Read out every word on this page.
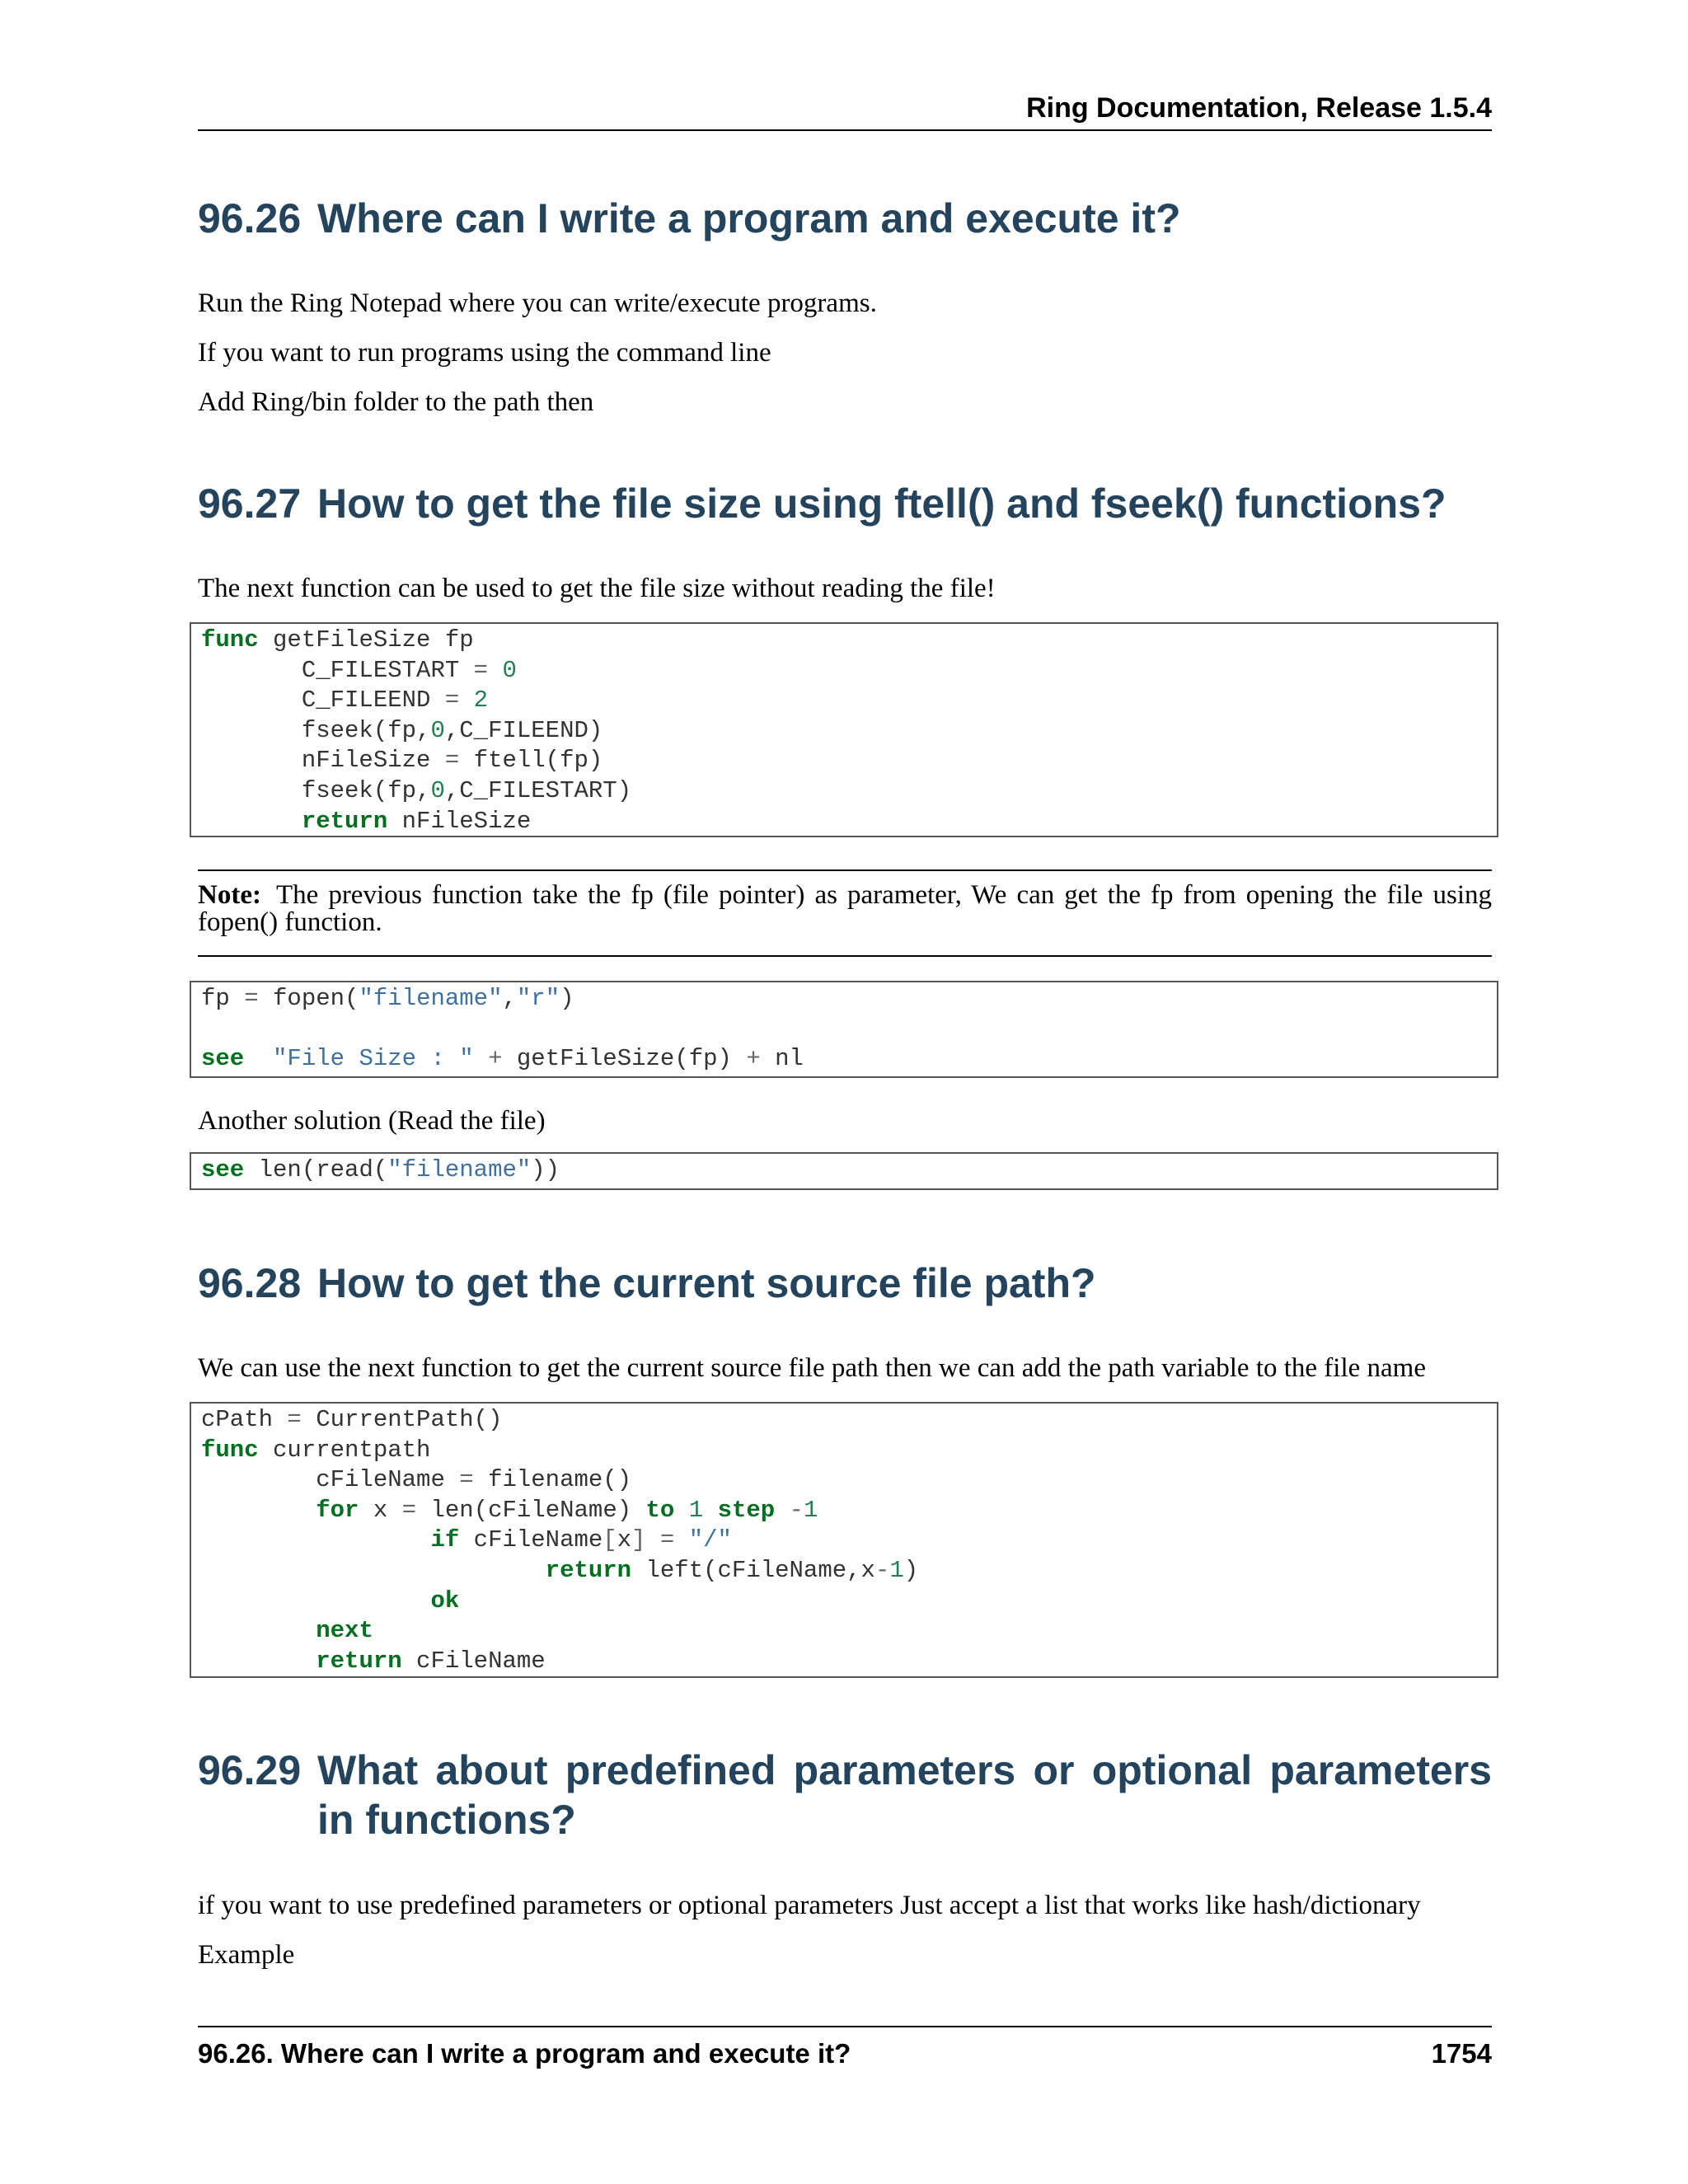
Ring Documentation, Release 1.5.4
96.26 Where can I write a program and execute it?

Run the Ring Notepad where you can write/execute programs.

If you want to run programs using the command line

Add Ring/bin folder to the path then

96.27 How to get the file size using ftell() and fseek() functions?

The next function can be used to get the file size without reading the file!

func getFileSize fp
C_FILESTART = 0
C_FILEEND = 2
fseek(fp,0,C_FILEEND)
nFileSize = ftell(fp)
fseek(fp,0,C_FILESTART)
return nFileSize
Note: The previous function take the fp (file pointer) as parameter, We can get the fp from opening the file using fopen() function.
fp = fopen("filename","r")
see "File Size : " + getFileSize(fp) + nl

Another solution (Read the file)

see len(read("filename"))
96.28 How to get the current source file path?

We can use the next function to get the current source file path then we can add the path variable to the file name

cPath = CurrentPath()
func currentpath
cFileName = filename()
for x = len(cFileName) to 1 step -1
if cFileName[x] = "/"
return left(cFileName,x-1)
ok
next
return cFileName
96.29 What about predefined parameters or optional parameters in functions?

if you want to use predefined parameters or optional parameters Just accept a list that works like hash/dictionary

Example

96.26. Where can I write a program and execute it?	1754
